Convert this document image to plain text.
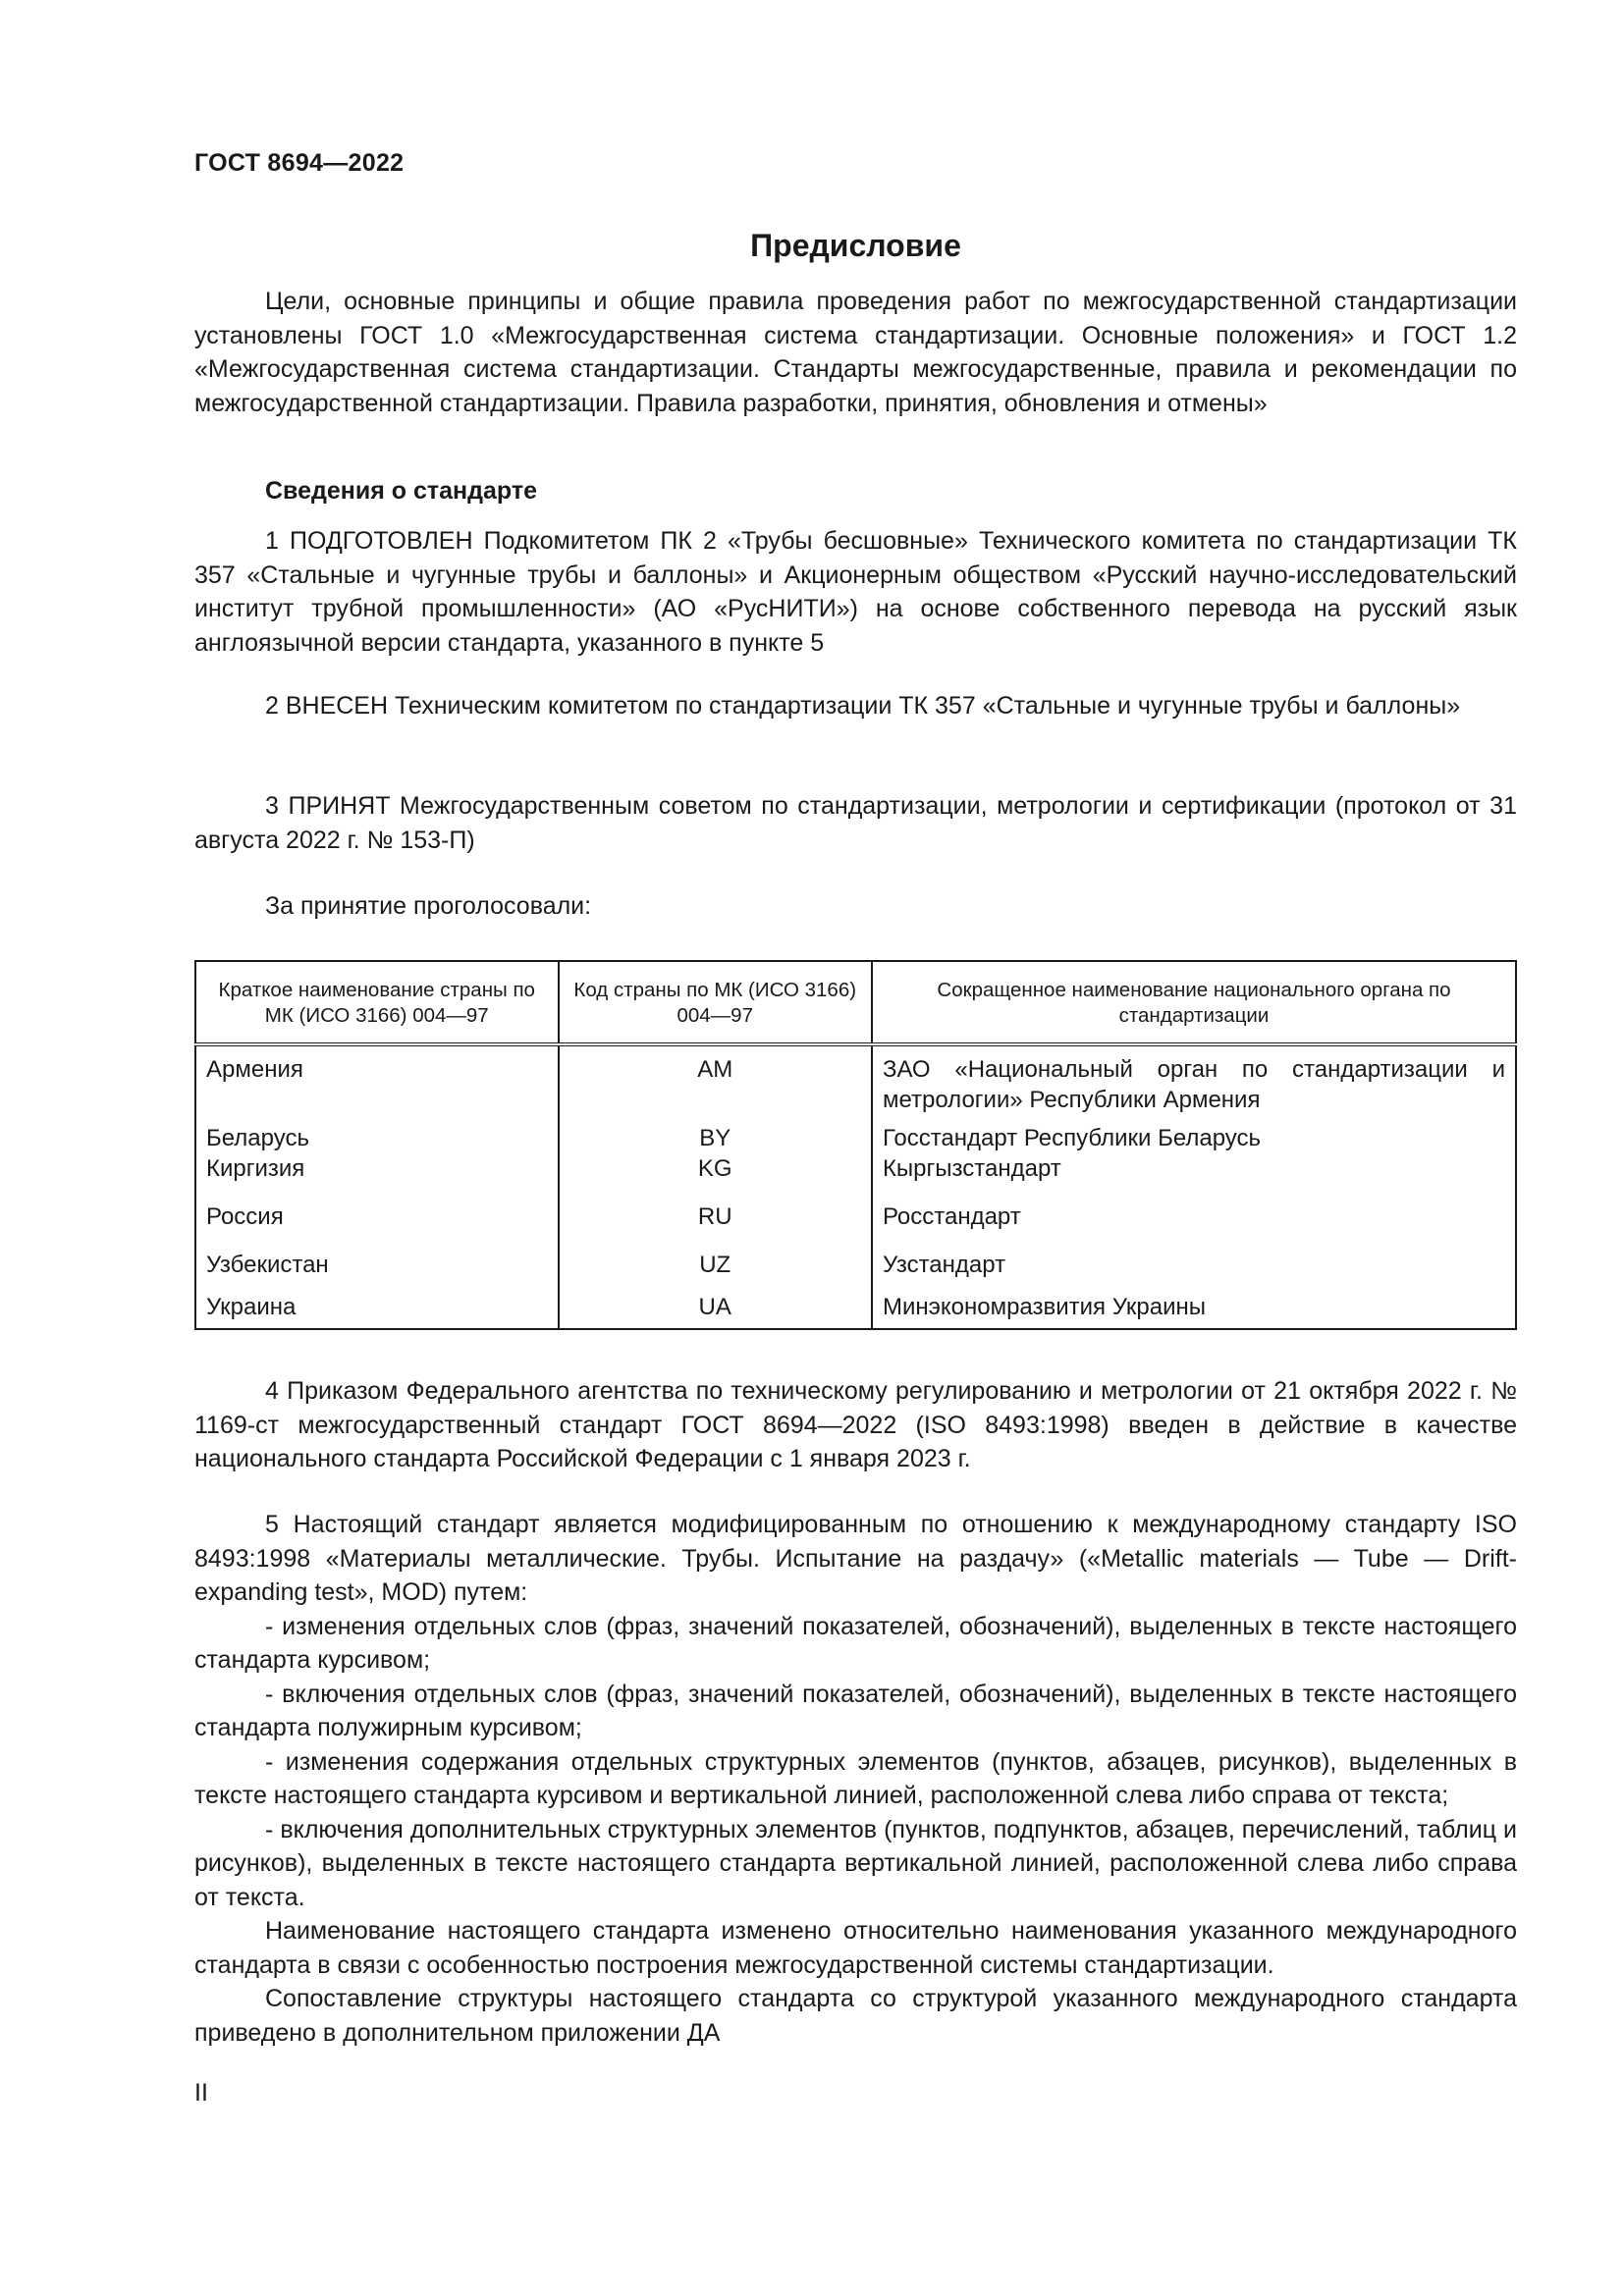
ГОСТ 8694—2022
Предисловие

Цели, основные принципы и общие правила проведения работ по межгосударственной стандартизации установлены ГОСТ 1.0 «Межгосударственная система стандартизации. Основные положения» и ГОСТ 1.2 «Межгосударственная система стандартизации. Стандарты межгосударственные, правила и рекомендации по межгосударственной стандартизации. Правила разработки, принятия, обновления и отмены»

Сведения о стандарте

1 ПОДГОТОВЛЕН Подкомитетом ПК 2 «Трубы бесшовные» Технического комитета по стандартизации ТК 357 «Стальные и чугунные трубы и баллоны» и Акционерным обществом «Русский научно-исследовательский институт трубной промышленности» (АО «РусНИТИ») на основе собственного перевода на русский язык англоязычной версии стандарта, указанного в пункте 5

2 ВНЕСЕН Техническим комитетом по стандартизации ТК 357 «Стальные и чугунные трубы и баллоны»

3 ПРИНЯТ Межгосударственным советом по стандартизации, метрологии и сертификации (протокол от 31 августа 2022 г. № 153-П)

За принятие проголосовали:

Краткое наименование страны по МК (ИСО 3166) 004—97	Код страны по МК (ИСО 3166) 004—97	Сокращенное наименование национального органа по стандартизации
Армения	AM	ЗАО «Национальный орган по стандартизации и метрологии» Республики Армения
Беларусь	BY	Госстандарт Республики Беларусь
Киргизия	KG	Кыргызстандарт
Россия	RU	Росстандарт
Узбекистан	UZ	Узстандарт
Украина	UA	Минэкономразвития Украины

4 Приказом Федерального агентства по техническому регулированию и метрологии от 21 октября 2022 г. № 1169-ст межгосударственный стандарт ГОСТ 8694—2022 (ISO 8493:1998) введен в действие в качестве национального стандарта Российской Федерации с 1 января 2023 г.

5 Настоящий стандарт является модифицированным по отношению к международному стандарту ISO 8493:1998 «Материалы металлические. Трубы. Испытание на раздачу» («Metallic materials — Tube — Drift-expanding test», MOD) путем:

- изменения отдельных слов (фраз, значений показателей, обозначений), выделенных в тексте настоящего стандарта курсивом;

- включения отдельных слов (фраз, значений показателей, обозначений), выделенных в тексте настоящего стандарта полужирным курсивом;

- изменения содержания отдельных структурных элементов (пунктов, абзацев, рисунков), выделенных в тексте настоящего стандарта курсивом и вертикальной линией, расположенной слева либо справа от текста;

- включения дополнительных структурных элементов (пунктов, подпунктов, абзацев, перечислений, таблиц и рисунков), выделенных в тексте настоящего стандарта вертикальной линией, расположенной слева либо справа от текста.

Наименование настоящего стандарта изменено относительно наименования указанного международного стандарта в связи с особенностью построения межгосударственной системы стандартизации.

Сопоставление структуры настоящего стандарта со структурой указанного международного стандарта приведено в дополнительном приложении ДА

II
